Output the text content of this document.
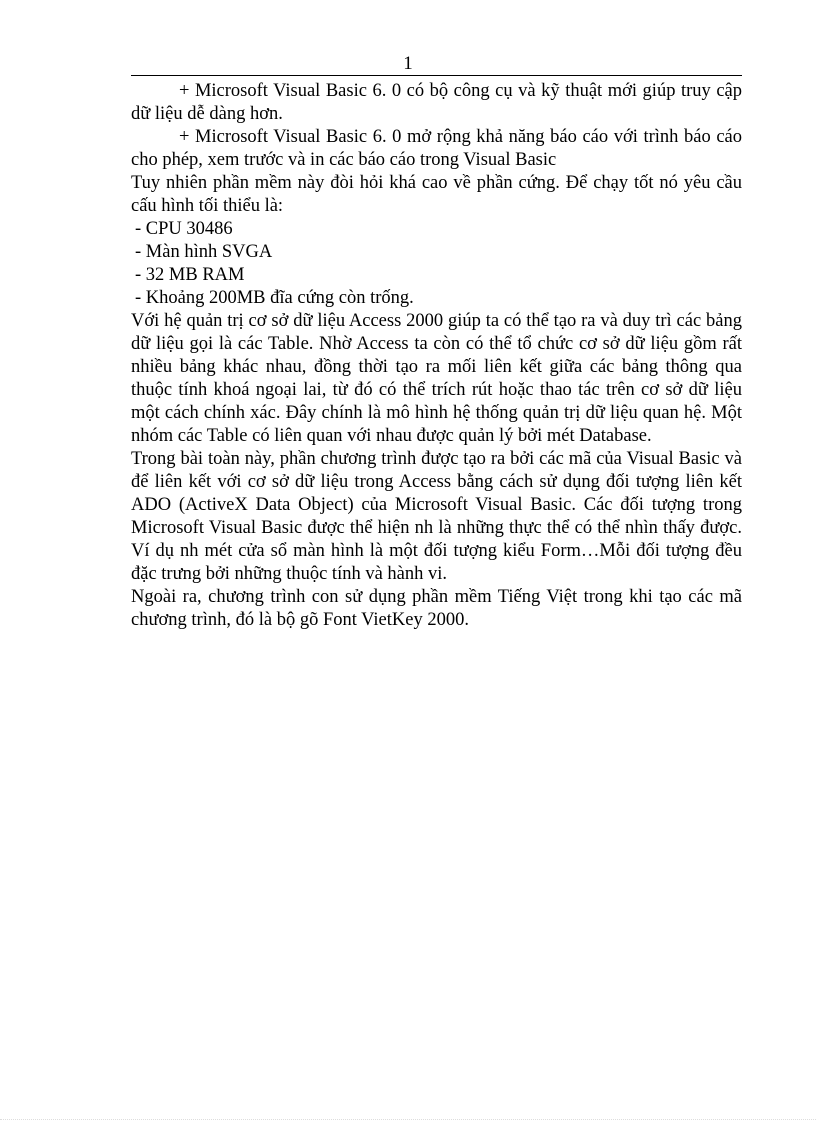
1

+ Microsoft Visual Basic 6. 0 có bộ công cụ và kỹ thuật mới giúp truy cập dữ liệu dễ dàng hơn.

+ Microsoft Visual Basic 6. 0 mở rộng khả năng báo cáo với trình báo cáo cho phép, xem trước và in các báo cáo trong Visual Basic

Tuy nhiên phần mềm này đòi hỏi khá cao về phần cứng. Để chạy tốt nó yêu cầu cấu hình tối thiểu là:

- CPU 30486

- Màn hình SVGA

- 32 MB RAM

- Khoảng 200MB đĩa cứng còn trống.

Với hệ quản trị cơ sở dữ liệu Access 2000 giúp ta có thể tạo ra và duy trì các bảng dữ liệu gọi là các Table. Nhờ Access ta còn có thể tổ chức cơ sở dữ liệu gồm rất nhiều bảng khác nhau, đồng thời tạo ra mối liên kết giữa các bảng thông qua thuộc tính khoá ngoại lai, từ đó có thể trích rút hoặc thao tác trên cơ sở dữ liệu một cách chính xác. Đây chính là mô hình hệ thống quản trị dữ liệu quan hệ. Một nhóm các Table có liên quan với nhau được quản lý bởi mét Database.

Trong bài toàn này, phần chương trình được tạo ra bởi các mã của Visual Basic và để liên kết với cơ sở dữ liệu trong Access bằng cách sử dụng đối tượng liên kết ADO (ActiveX Data Object) của Microsoft Visual Basic. Các đối tượng trong Microsoft Visual Basic được thể hiện nh là những thực thể có thể nhìn thấy được. Ví dụ nh mét cửa sổ màn hình là một đối tượng kiểu Form…Mỗi đối tượng đều đặc trưng bởi những thuộc tính và hành vi.

Ngoài ra, chương trình con sử dụng phần mềm Tiếng Việt trong khi tạo các mã chương trình, đó là bộ gõ Font VietKey 2000.
